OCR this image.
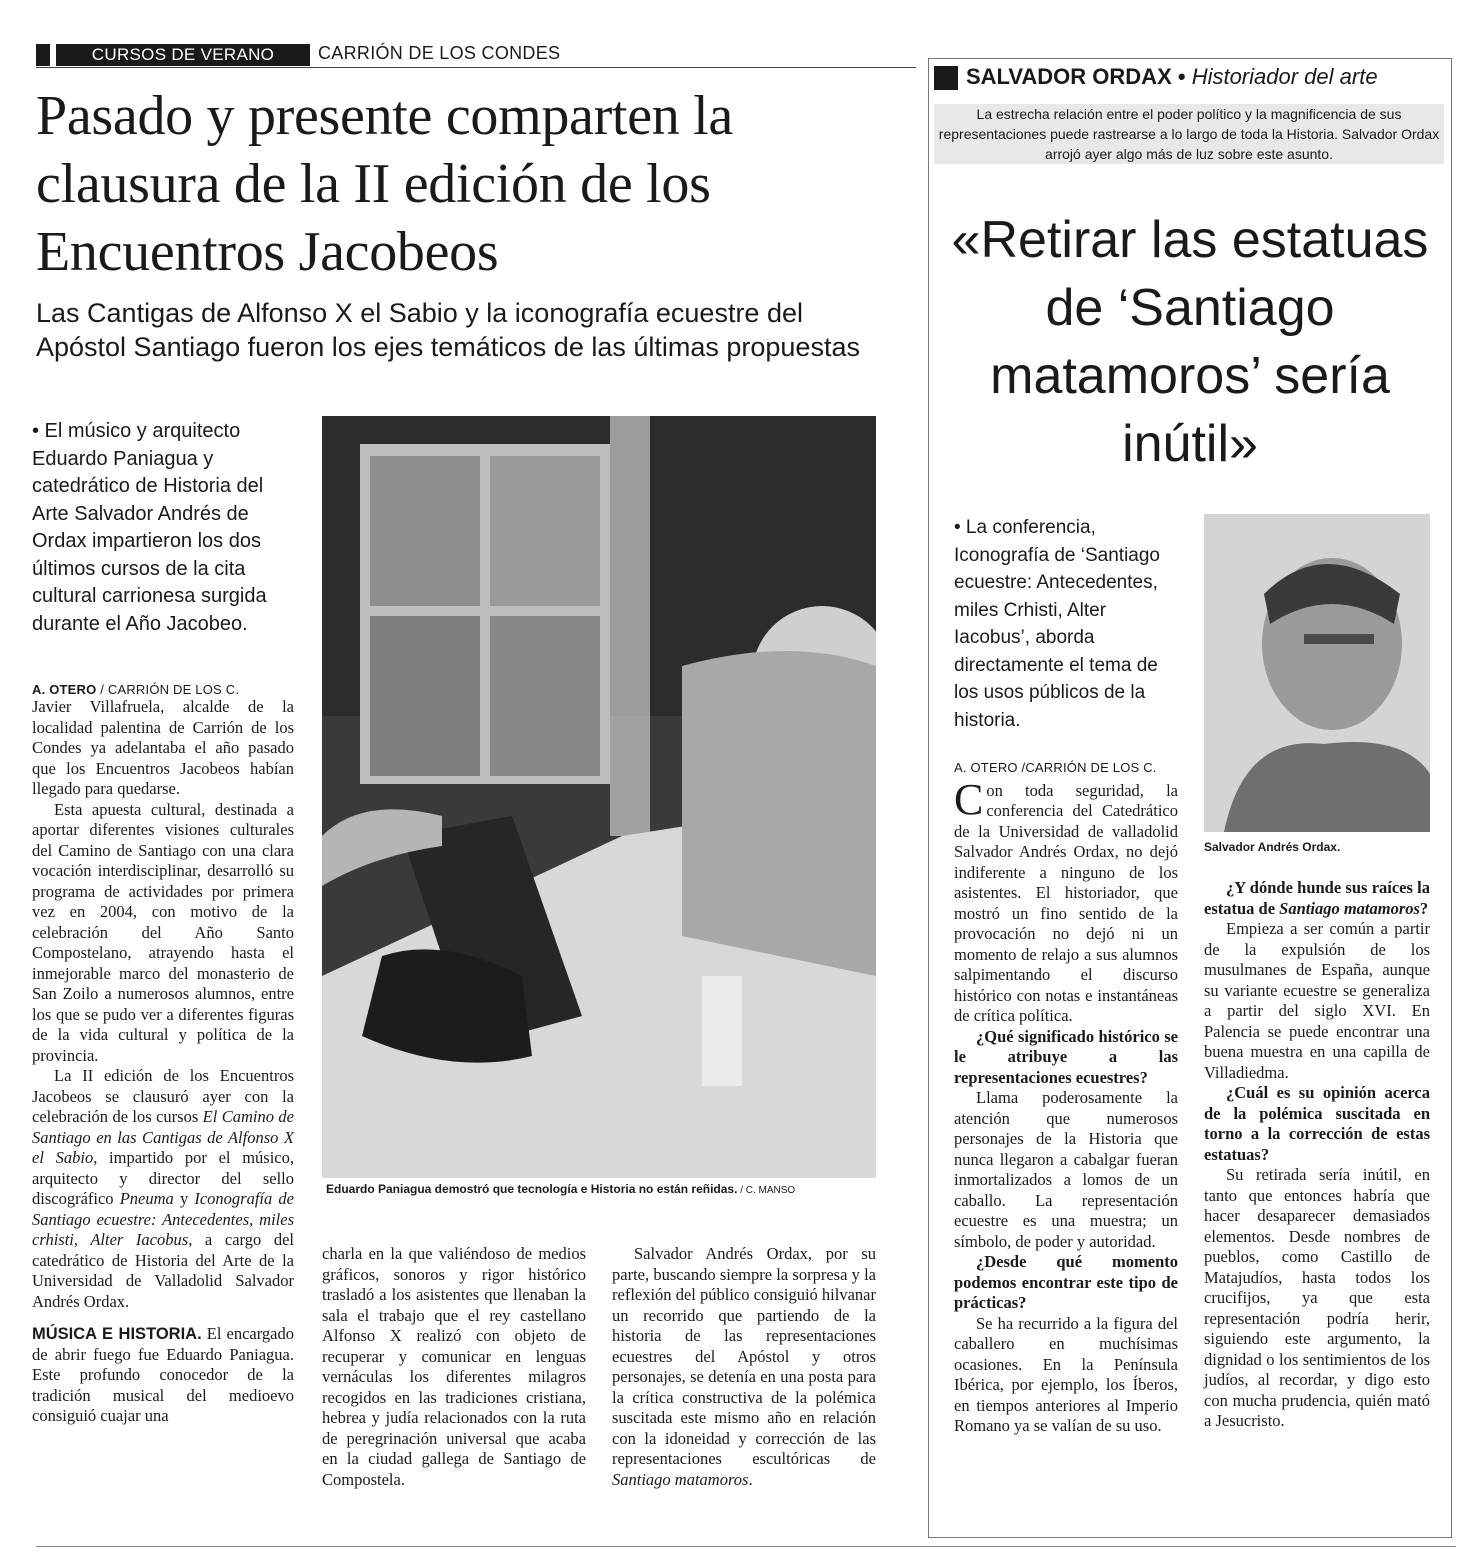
CURSOS DE VERANO	CARRIÓN DE LOS CONDES
Pasado y presente comparten la clausura de la II edición de los Encuentros Jacobeos
Las Cantigas de Alfonso X el Sabio y la iconografía ecuestre del Apóstol Santiago fueron los ejes temáticos de las últimas propuestas
• El músico y arquitecto Eduardo Paniagua y catedrático de Historia del Arte Salvador Andrés de Ordax impartieron los dos últimos cursos de la cita cultural carrionesa surgida durante el Año Jacobeo.
A. OTERO / CARRIÓN DE LOS C.

Javier Villafruela, alcalde de la localidad palentina de Carrión de los Condes ya adelantaba el año pasado que los Encuentros Jacobeos habían llegado para quedarse.

Esta apuesta cultural, destinada a aportar diferentes visiones culturales del Camino de Santiago con una clara vocación interdisciplinar, desarrolló su programa de actividades por primera vez en 2004, con motivo de la celebración del Año Santo Compostelano, atrayendo hasta el inmejorable marco del monasterio de San Zoilo a numerosos alumnos, entre los que se pudo ver a diferentes figuras de la vida cultural y política de la provincia.

La II edición de los Encuentros Jacobeos se clausuró ayer con la celebración de los cursos El Camino de Santiago en las Cantigas de Alfonso X el Sabio, impartido por el músico, arquitecto y director del sello discográfico Pneuma y Iconografía de Santiago ecuestre: Antecedentes, miles crhisti, Alter Iacobus, a cargo del catedrático de Historia del Arte de la Universidad de Valladolid Salvador Andrés Ordax.

MÚSICA E HISTORIA. El encargado de abrir fuego fue Eduardo Paniagua. Este profundo conocedor de la tradición musical del medioevo consiguió cuajar una

Eduardo Paniagua demostró que tecnología e Historia no están reñidas. / C. MANSO

charla en la que valiéndoso de medios gráficos, sonoros y rigor histórico trasladó a los asistentes que llenaban la sala el trabajo que el rey castellano Alfonso X realizó con objeto de recuperar y comunicar en lenguas vernáculas los diferentes milagros recogidos en las tradiciones cristiana, hebrea y judía relacionados con la ruta de peregrinación universal que acaba en la ciudad gallega de Santiago de Compostela.

Salvador Andrés Ordax, por su parte, buscando siempre la sorpresa y la reflexión del público consiguió hilvanar un recorrido que partiendo de la historia de las representaciones ecuestres del Apóstol y otros personajes, se detenía en una posta para la crítica constructiva de la polémica suscitada este mismo año en relación con la idoneidad y corrección de las representaciones escultóricas de Santiago matamoros.

SALVADOR ORDAX • Historiador del arte
La estrecha relación entre el poder político y la magnificencia de sus representaciones puede rastrearse a lo largo de toda la Historia. Salvador Ordax arrojó ayer algo más de luz sobre este asunto.
«Retirar las estatuas de ‘Santiago matamoros’ sería inútil»
• La conferencia, Iconografía de ‘Santiago ecuestre: Antecedentes, miles Crhisti, Alter Iacobus’, aborda directamente el tema de los usos públicos de la historia.
Salvador Andrés Ordax.
A. OTERO /CARRIÓN DE LOS C.

Con toda seguridad, la conferencia del Catedrático de la Universidad de valladolid Salvador Andrés Ordax, no dejó indiferente a ninguno de los asistentes. El historiador, que mostró un fino sentido de la provocación no dejó ni un momento de relajo a sus alumnos salpimentando el discurso histórico con notas e instantáneas de crítica política.

¿Qué significado histórico se le atribuye a las representaciones ecuestres?

Llama poderosamente la atención que numerosos personajes de la Historia que nunca llegaron a cabalgar fueran inmortalizados a lomos de un caballo. La representación ecuestre es una muestra; un símbolo, de poder y autoridad.

¿Desde qué momento podemos encontrar este tipo de prácticas?

Se ha recurrido a la figura del caballero en muchísimas ocasiones. En la Península Ibérica, por ejemplo, los Íberos, en tiempos anteriores al Imperio Romano ya se valían de su uso.

¿Y dónde hunde sus raíces la estatua de Santiago matamoros?

Empieza a ser común a partir de la expulsión de los musulmanes de España, aunque su variante ecuestre se generaliza a partir del siglo XVI. En Palencia se puede encontrar una buena muestra en una capilla de Villadiedma.

¿Cuál es su opinión acerca de la polémica suscitada en torno a la corrección de estas estatuas?

Su retirada sería inútil, en tanto que entonces habría que hacer desaparecer demasiados elementos. Desde nombres de pueblos, como Castillo de Matajudíos, hasta todos los crucifijos, ya que esta representación podría herir, siguiendo este argumento, la dignidad o los sentimientos de los judíos, al recordar, y digo esto con mucha prudencia, quién mató a Jesucristo.
